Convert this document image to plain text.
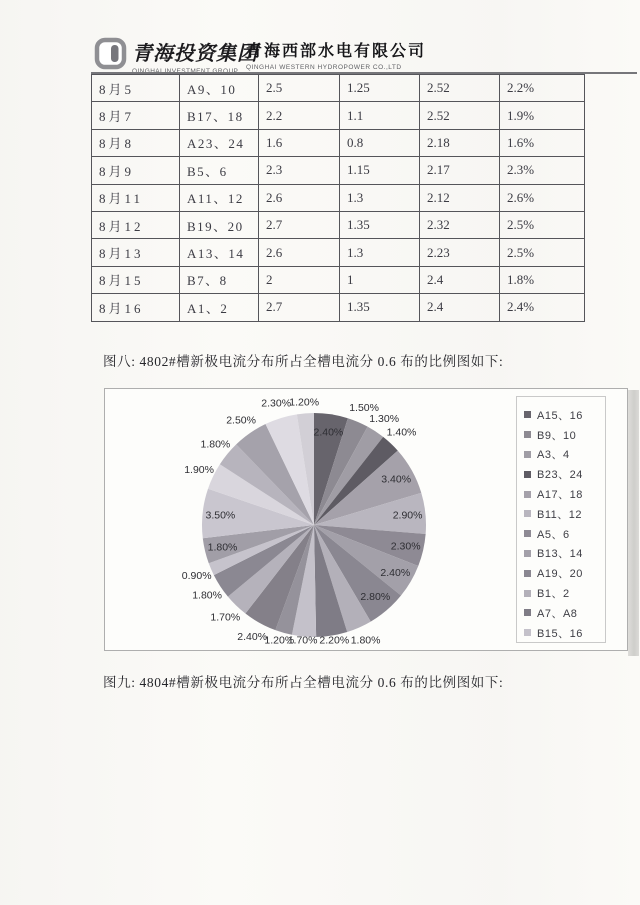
青海投资集团
青海西部水电有限公司
QINGHAI WESTERN HYDROPOWER CO.,LTD
8月5	A9、10	2.5	1.25	2.52	2.2%
8月7	B17、18	2.2	1.1	2.52	1.9%
8月8	A23、24	1.6	0.8	2.18	1.6%
8月9	B5、6	2.3	1.15	2.17	2.3%
8月11	A11、12	2.6	1.3	2.12	2.6%
8月12	B19、20	2.7	1.35	2.32	2.5%
8月13	A13、14	2.6	1.3	2.23	2.5%
8月15	B7、8	2	1	2.4	1.8%
8月16	A1、2	2.7	1.35	2.4	2.4%
图八: 4802#槽新极电流分布所占全槽电流分 0.6 布的比例图如下:
2.40%
1.50%
1.30%
1.40%
3.40%
2.90%
2.30%
2.40%
2.80%
1.80%
2.20%
1.70%
1.20%
2.40%
1.70%
1.80%
0.90%
1.80%
3.50%
1.90%
1.80%
2.50%
2.30%
1.20%
A15、16
B9、10
A3、4
B23、24
A17、18
B11、12
A5、6
B13、14
A19、20
B1、2
A7、A8
B15、16
图九: 4804#槽新极电流分布所占全槽电流分 0.6 布的比例图如下:
